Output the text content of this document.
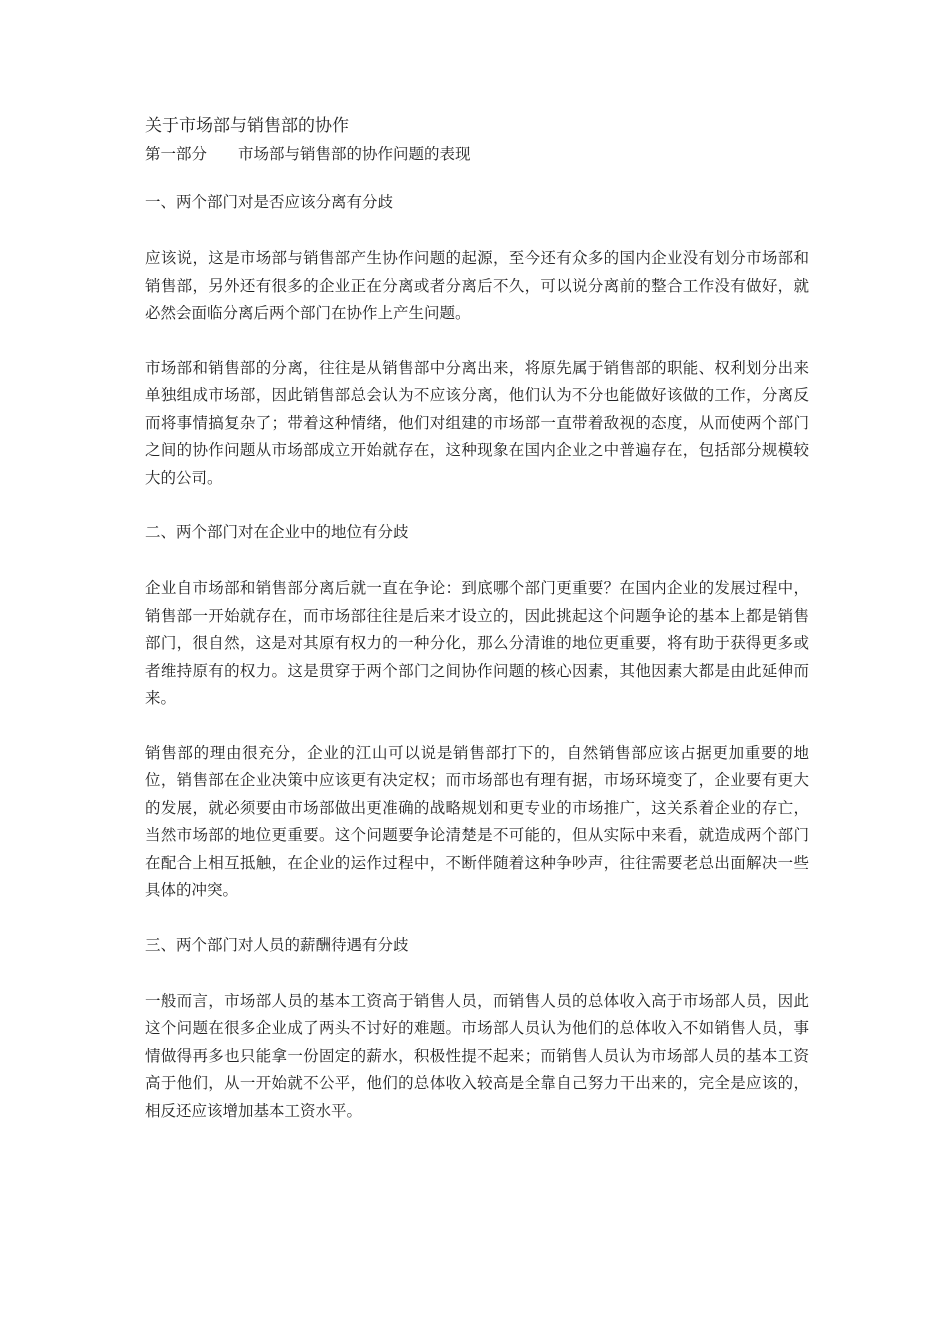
关于市场部与销售部的协作
第一部分　　市场部与销售部的协作问题的表现
一、两个部门对是否应该分离有分歧

应该说，这是市场部与销售部产生协作问题的起源，至今还有众多的国内企业没有划分市场部和销售部，另外还有很多的企业正在分离或者分离后不久，可以说分离前的整合工作没有做好，就必然会面临分离后两个部门在协作上产生问题。

市场部和销售部的分离，往往是从销售部中分离出来，将原先属于销售部的职能、权利划分出来单独组成市场部，因此销售部总会认为不应该分离，他们认为不分也能做好该做的工作，分离反而将事情搞复杂了；带着这种情绪，他们对组建的市场部一直带着敌视的态度，从而使两个部门之间的协作问题从市场部成立开始就存在，这种现象在国内企业之中普遍存在，包括部分规模较大的公司。

二、两个部门对在企业中的地位有分歧

企业自市场部和销售部分离后就一直在争论：到底哪个部门更重要？在国内企业的发展过程中，销售部一开始就存在，而市场部往往是后来才设立的，因此挑起这个问题争论的基本上都是销售部门，很自然，这是对其原有权力的一种分化，那么分清谁的地位更重要，将有助于获得更多或者维持原有的权力。这是贯穿于两个部门之间协作问题的核心因素，其他因素大都是由此延伸而来。

销售部的理由很充分，企业的江山可以说是销售部打下的，自然销售部应该占据更加重要的地位，销售部在企业决策中应该更有决定权；而市场部也有理有据，市场环境变了，企业要有更大的发展，就必须要由市场部做出更准确的战略规划和更专业的市场推广，这关系着企业的存亡，当然市场部的地位更重要。这个问题要争论清楚是不可能的，但从实际中来看，就造成两个部门在配合上相互抵触，在企业的运作过程中，不断伴随着这种争吵声，往往需要老总出面解决一些具体的冲突。

三、两个部门对人员的薪酬待遇有分歧

一般而言，市场部人员的基本工资高于销售人员，而销售人员的总体收入高于市场部人员，因此这个问题在很多企业成了两头不讨好的难题。市场部人员认为他们的总体收入不如销售人员，事情做得再多也只能拿一份固定的薪水，积极性提不起来；而销售人员认为市场部人员的基本工资高于他们，从一开始就不公平，他们的总体收入较高是全靠自己努力干出来的，完全是应该的，相反还应该增加基本工资水平。
